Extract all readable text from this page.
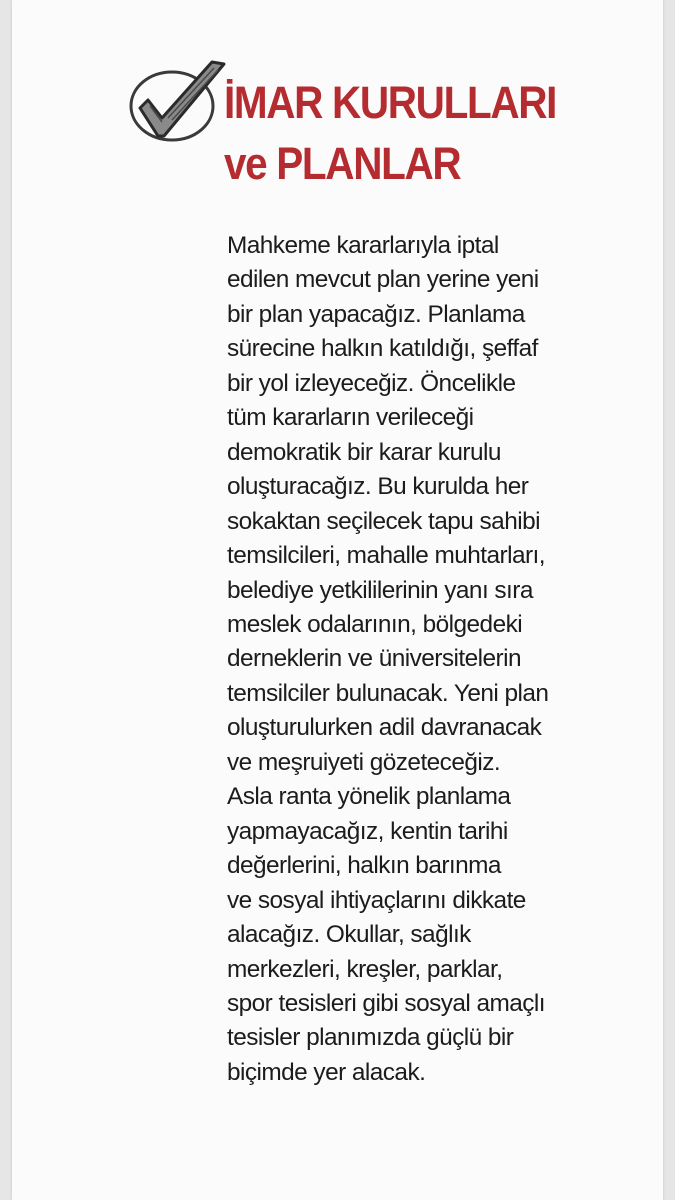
İMAR KURULLARI
ve PLANLAR
Mahkeme kararlarıyla iptal
edilen mevcut plan yerine yeni
bir plan yapacağız. Planlama
sürecine halkın katıldığı, şeffaf
bir yol izleyeceğiz. Öncelikle
tüm kararların verileceği
demokratik bir karar kurulu
oluşturacağız. Bu kurulda her
sokaktan seçilecek tapu sahibi
temsilcileri, mahalle muhtarları,
belediye yetkililerinin yanı sıra
meslek odalarının, bölgedeki
derneklerin ve üniversitelerin
temsilciler bulunacak. Yeni plan
oluşturulurken adil davranacak
ve meşruiyeti gözeteceğiz.
Asla ranta yönelik planlama
yapmayacağız, kentin tarihi
değerlerini, halkın barınma
ve sosyal ihtiyaçlarını dikkate
alacağız. Okullar, sağlık
merkezleri, kreşler, parklar,
spor tesisleri gibi sosyal amaçlı
tesisler planımızda güçlü bir
biçimde yer alacak.
